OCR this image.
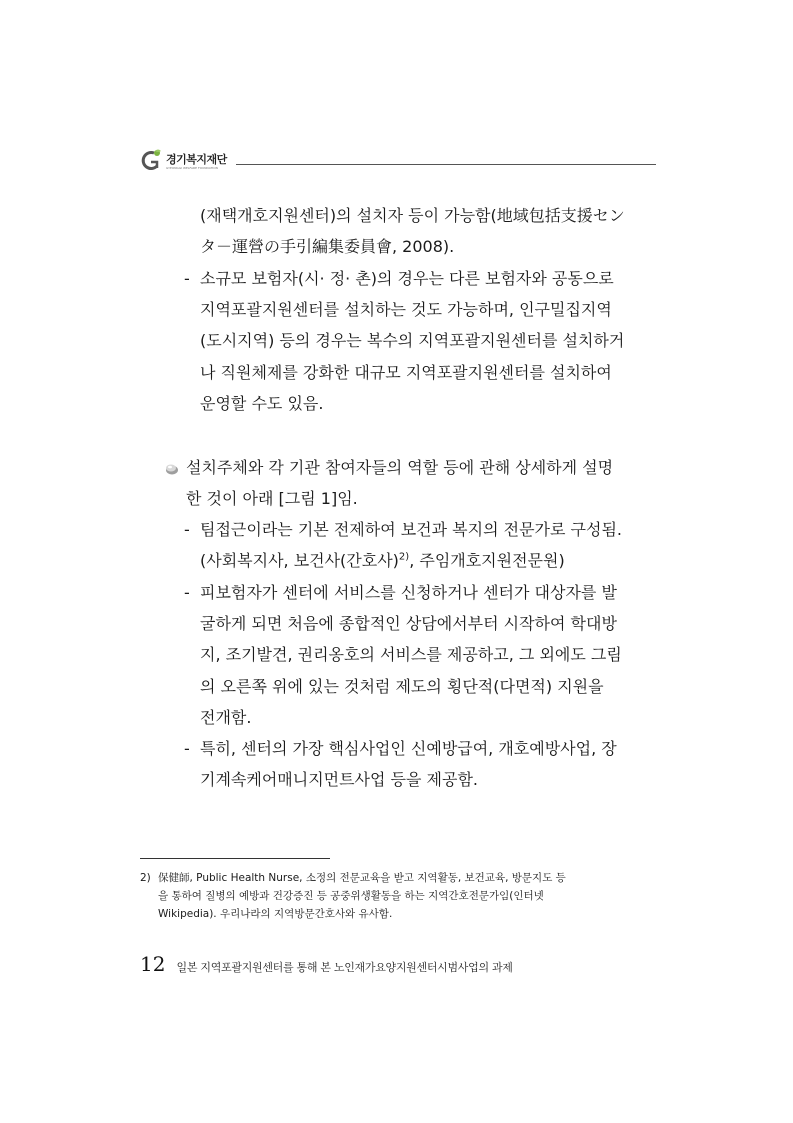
경기복지재단
GYEONGGI WELFARE FOUNDATION
(재택개호지원센터)의 설치자 등이 가능함(地域包括支援セン
タ－運營の手引編集委員會, 2008).
- 소규모 보험자(시· 정· 촌)의 경우는 다른 보험자와 공동으로
지역포괄지원센터를 설치하는 것도 가능하며, 인구밀집지역
(도시지역) 등의 경우는 복수의 지역포괄지원센터를 설치하거
나 직원체제를 강화한 대규모 지역포괄지원센터를 설치하여
운영할 수도 있음.
설치주체와 각 기관 참여자들의 역할 등에 관해 상세하게 설명
한 것이 아래 [그림 1]임.
- 팀접근이라는 기본 전제하여 보건과 복지의 전문가로 구성됨.
(사회복지사, 보건사(간호사)$^{2)}$, 주임개호지원전문원)
- 피보험자가 센터에 서비스를 신청하거나 센터가 대상자를 발
굴하게 되면 처음에 종합적인 상담에서부터 시작하여 학대방
지, 조기발견, 권리옹호의 서비스를 제공하고, 그 외에도 그림
의 오른쪽 위에 있는 것처럼 제도의 횡단적(다면적) 지원을
전개함.
- 특히, 센터의 가장 핵심사업인 신예방급여, 개호예방사업, 장
기계속케어매니지먼트사업 등을 제공함.
2) 保健師, Public Health Nurse, 소정의 전문교육을 받고 지역활동, 보건교육, 방문지도 등
을 통하여 질병의 예방과 건강증진 등 공중위생활동을 하는 지역간호전문가임(인터넷
Wikipedia). 우리나라의 지역방문간호사와 유사함.
12 일본 지역포괄지원센터를 통해 본 노인재가요양지원센터시범사업의 과제
